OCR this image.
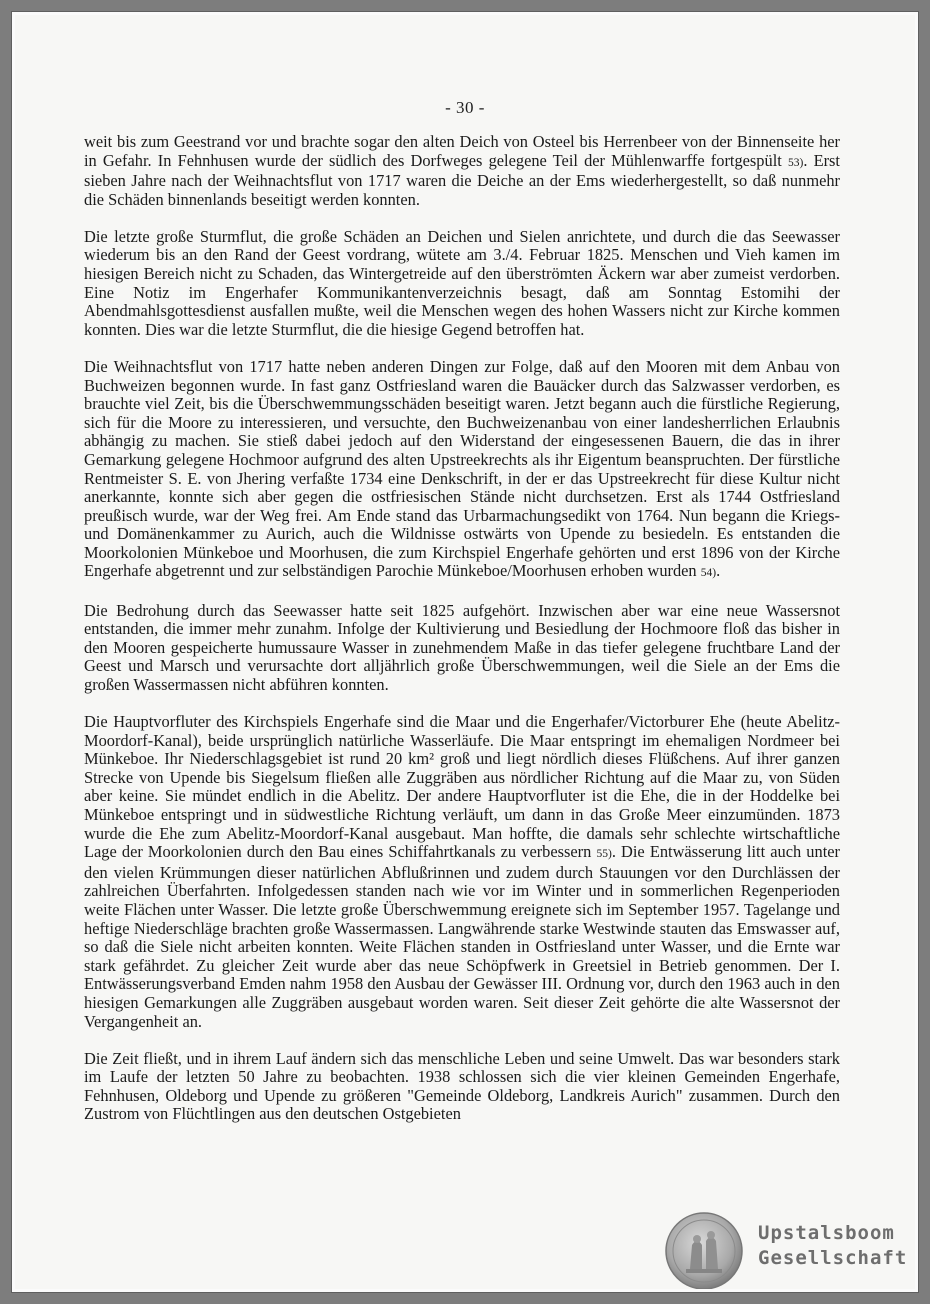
- 30 -

weit bis zum Geestrand vor und brachte sogar den alten Deich von Osteel bis Herrenbeer von der Binnenseite her in Gefahr. In Fehnhusen wurde der südlich des Dorfweges gelegene Teil der Mühlenwarffe fortgespült 53). Erst sieben Jahre nach der Weihnachtsflut von 1717 waren die Deiche an der Ems wiederhergestellt, so daß nunmehr die Schäden binnenlands beseitigt werden konnten.

Die letzte große Sturmflut, die große Schäden an Deichen und Sielen anrichtete, und durch die das Seewasser wiederum bis an den Rand der Geest vordrang, wütete am 3./4. Februar 1825. Menschen und Vieh kamen im hiesigen Bereich nicht zu Schaden, das Wintergetreide auf den überströmten Äckern war aber zumeist verdorben. Eine Notiz im Engerhafer Kommunikantenverzeichnis besagt, daß am Sonntag Estomihi der Abendmahlsgottesdienst ausfallen mußte, weil die Menschen wegen des hohen Wassers nicht zur Kirche kommen konnten. Dies war die letzte Sturmflut, die die hiesige Gegend betroffen hat.

Die Weihnachtsflut von 1717 hatte neben anderen Dingen zur Folge, daß auf den Mooren mit dem Anbau von Buchweizen begonnen wurde. In fast ganz Ostfriesland waren die Bauäcker durch das Salzwasser verdorben, es brauchte viel Zeit, bis die Überschwemmungsschäden beseitigt waren. Jetzt begann auch die fürstliche Regierung, sich für die Moore zu interessieren, und versuchte, den Buchweizenanbau von einer landesherrlichen Erlaubnis abhängig zu machen. Sie stieß dabei jedoch auf den Widerstand der eingesessenen Bauern, die das in ihrer Gemarkung gelegene Hochmoor aufgrund des alten Upstreekrechts als ihr Eigentum beanspruchten. Der fürstliche Rentmeister S. E. von Jhering verfaßte 1734 eine Denkschrift, in der er das Upstreekrecht für diese Kultur nicht anerkannte, konnte sich aber gegen die ostfriesischen Stände nicht durchsetzen. Erst als 1744 Ostfriesland preußisch wurde, war der Weg frei. Am Ende stand das Urbarmachungsedikt von 1764. Nun begann die Kriegs- und Domänenkammer zu Aurich, auch die Wildnisse ostwärts von Upende zu besiedeln. Es entstanden die Moorkolonien Münkeboe und Moorhusen, die zum Kirchspiel Engerhafe gehörten und erst 1896 von der Kirche Engerhafe abgetrennt und zur selbständigen Parochie Münkeboe/Moorhusen erhoben wurden 54).

Die Bedrohung durch das Seewasser hatte seit 1825 aufgehört. Inzwischen aber war eine neue Wassersnot entstanden, die immer mehr zunahm. Infolge der Kultivierung und Besiedlung der Hochmoore floß das bisher in den Mooren gespeicherte humussaure Wasser in zunehmendem Maße in das tiefer gelegene fruchtbare Land der Geest und Marsch und verursachte dort alljährlich große Überschwemmungen, weil die Siele an der Ems die großen Wassermassen nicht abführen konnten.

Die Hauptvorfluter des Kirchspiels Engerhafe sind die Maar und die Engerhafer/Victorburer Ehe (heute Abelitz-Moordorf-Kanal), beide ursprünglich natürliche Wasserläufe. Die Maar entspringt im ehemaligen Nordmeer bei Münkeboe. Ihr Niederschlagsgebiet ist rund 20 km² groß und liegt nördlich dieses Flüßchens. Auf ihrer ganzen Strecke von Upende bis Siegelsum fließen alle Zuggräben aus nördlicher Richtung auf die Maar zu, von Süden aber keine. Sie mündet endlich in die Abelitz. Der andere Hauptvorfluter ist die Ehe, die in der Hoddelke bei Münkeboe entspringt und in südwestliche Richtung verläuft, um dann in das Große Meer einzumünden. 1873 wurde die Ehe zum Abelitz-Moordorf-Kanal ausgebaut. Man hoffte, die damals sehr schlechte wirtschaftliche Lage der Moorkolonien durch den Bau eines Schiffahrtkanals zu verbessern 55). Die Entwässerung litt auch unter den vielen Krümmungen dieser natürlichen Abflußrinnen und zudem durch Stauungen vor den Durchlässen der zahlreichen Überfahrten. Infolgedessen standen nach wie vor im Winter und in sommerlichen Regenperioden weite Flächen unter Wasser. Die letzte große Überschwemmung ereignete sich im September 1957. Tagelange und heftige Niederschläge brachten große Wassermassen. Langwährende starke Westwinde stauten das Emswasser auf, so daß die Siele nicht arbeiten konnten. Weite Flächen standen in Ostfriesland unter Wasser, und die Ernte war stark gefährdet. Zu gleicher Zeit wurde aber das neue Schöpfwerk in Greetsiel in Betrieb genommen. Der I. Entwässerungsverband Emden nahm 1958 den Ausbau der Gewässer III. Ordnung vor, durch den 1963 auch in den hiesigen Gemarkungen alle Zuggräben ausgebaut worden waren. Seit dieser Zeit gehörte die alte Wassersnot der Vergangenheit an.

Die Zeit fließt, und in ihrem Lauf ändern sich das menschliche Leben und seine Umwelt. Das war besonders stark im Laufe der letzten 50 Jahre zu beobachten. 1938 schlossen sich die vier kleinen Gemeinden Engerhafe, Fehnhusen, Oldeborg und Upende zu größeren "Gemeinde Oldeborg, Landkreis Aurich" zusammen. Durch den Zustrom von Flüchtlingen aus den deutschen Ostgebieten

Upstalsboom
Gesellschaft
